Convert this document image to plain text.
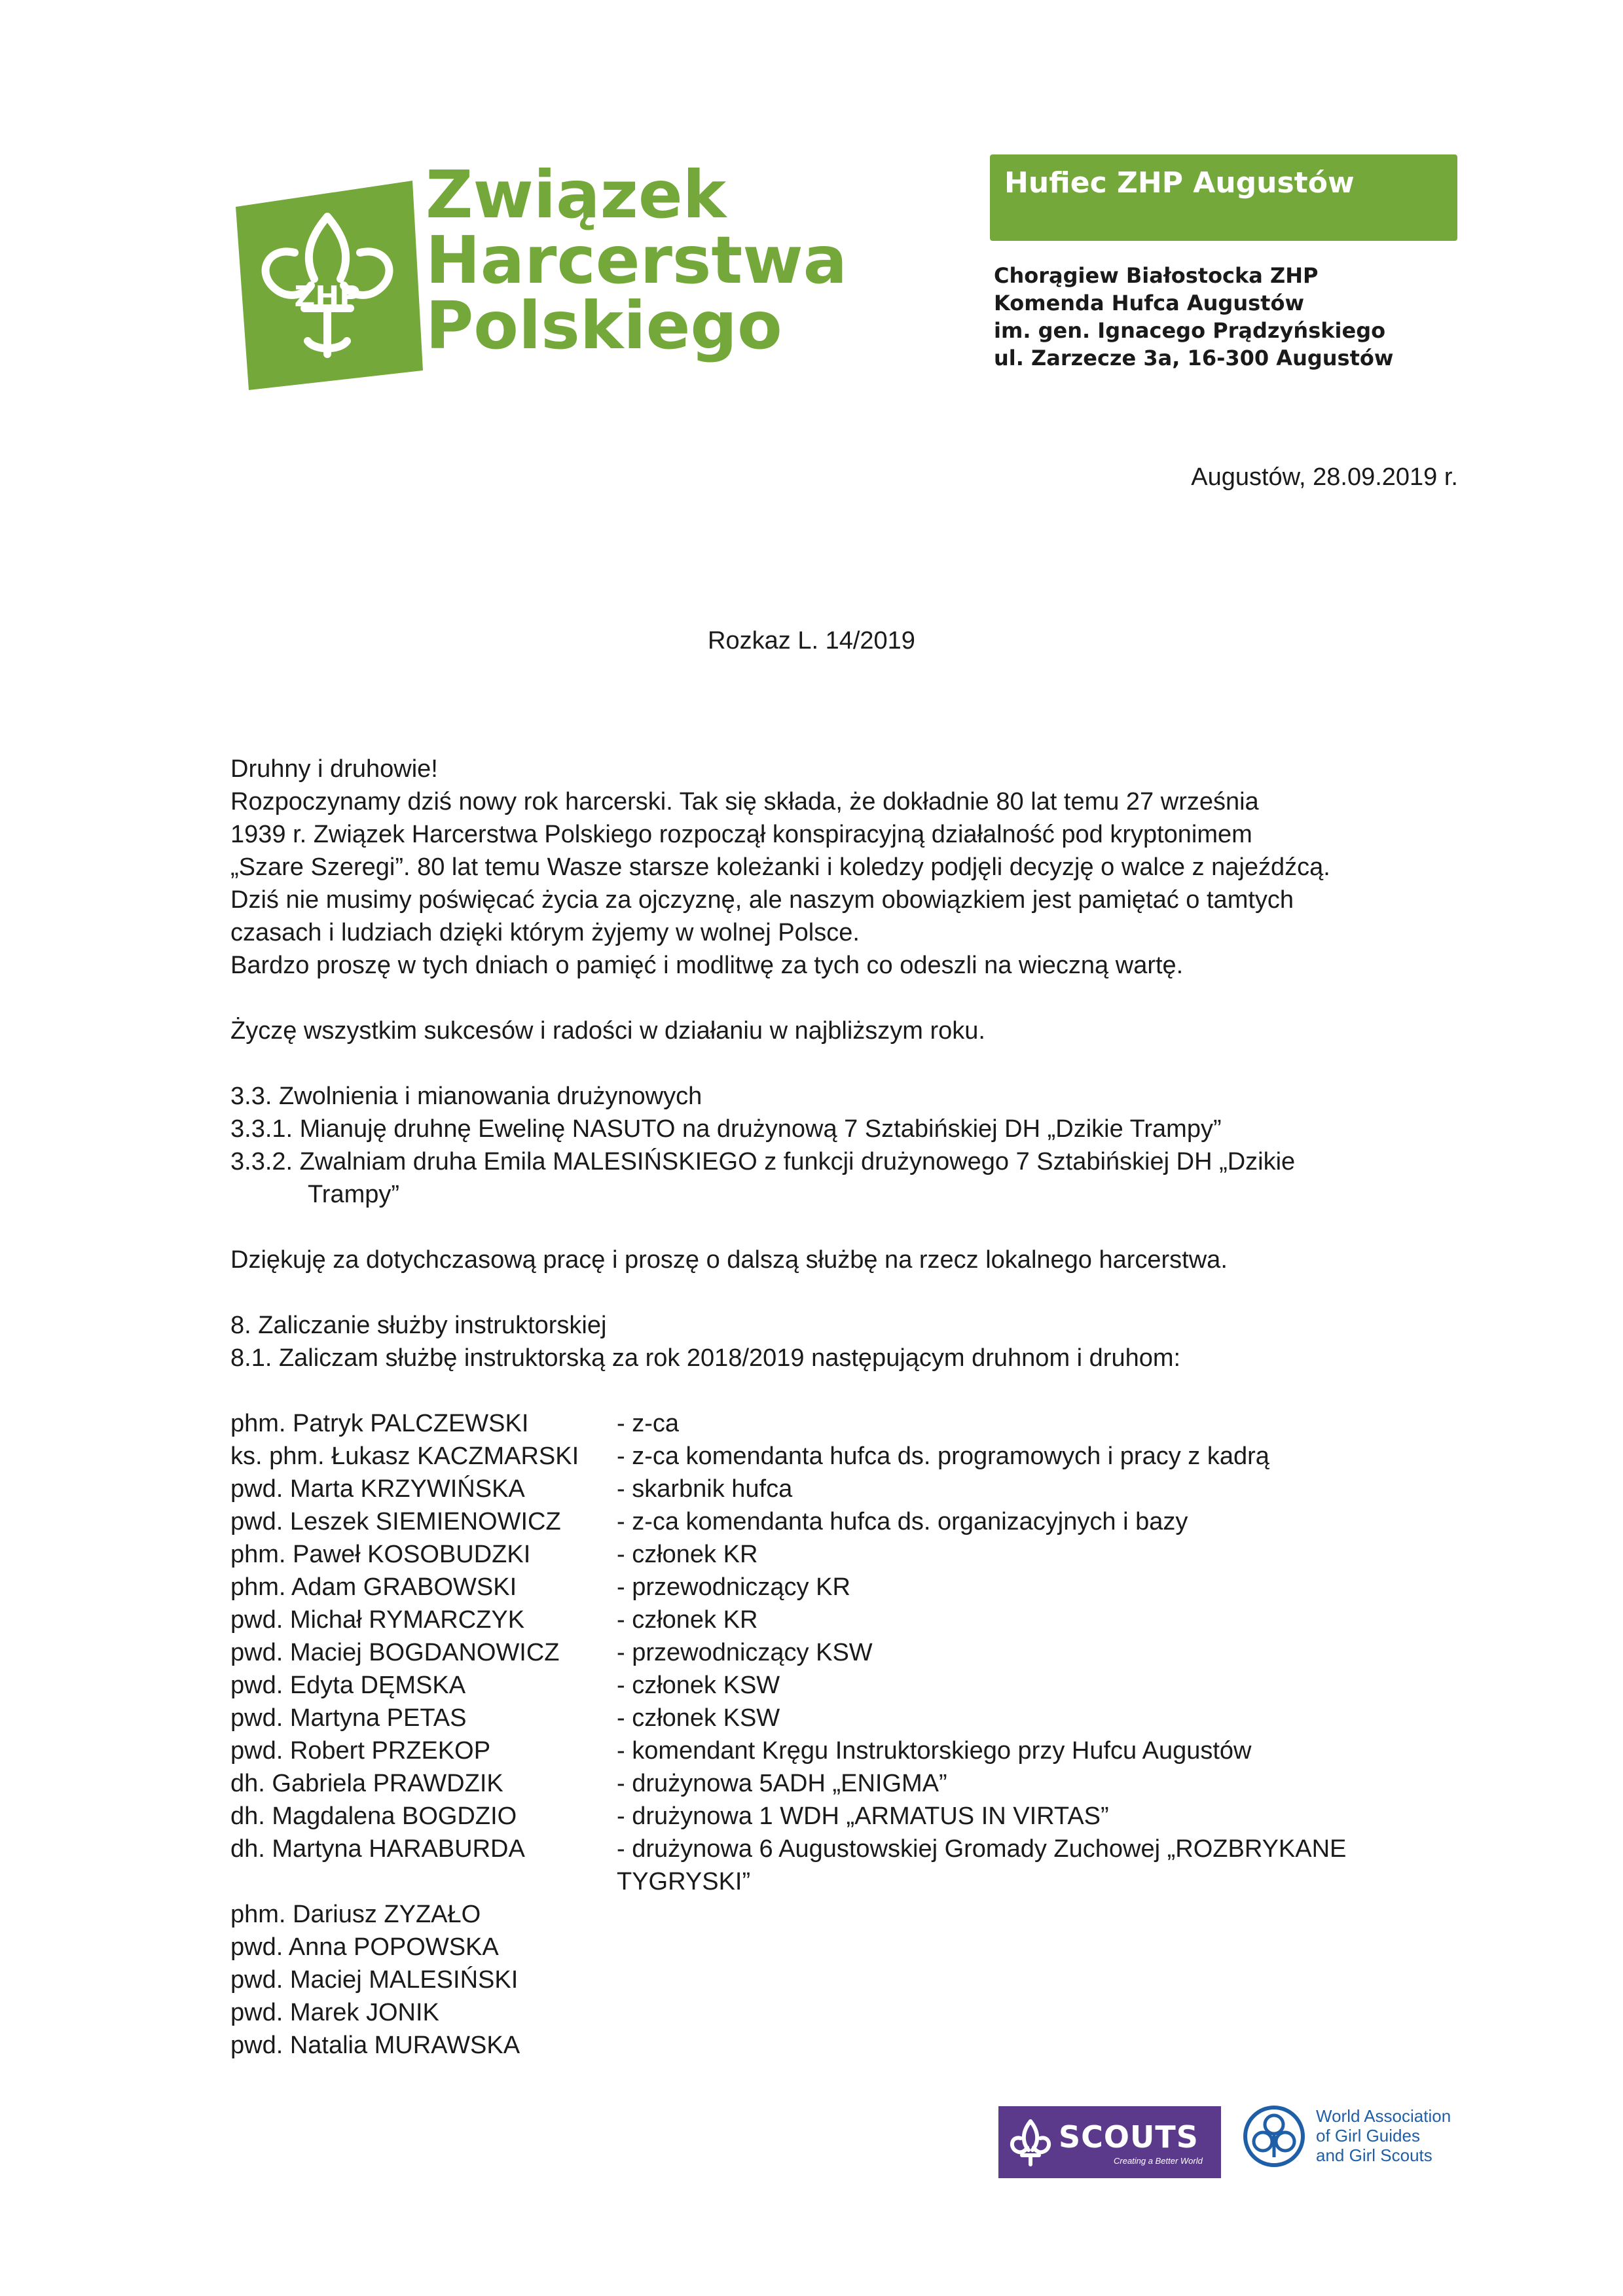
ZHP
Związek
Harcerstwa
Polskiego
Hufiec ZHP Augustów
Chorągiew Białostocka ZHP
Komenda Hufca Augustów
im. gen. Ignacego Prądzyńskiego
ul. Zarzecze 3a, 16-300 Augustów
Augustów, 28.09.2019 r.
Rozkaz L. 14/2019

Druhny i druhowie!

Rozpoczynamy dziś nowy rok harcerski. Tak się składa, że dokładnie 80 lat temu 27 września

1939 r. Związek Harcerstwa Polskiego rozpoczął konspiracyjną działalność pod kryptonimem

„Szare Szeregi”. 80 lat temu Wasze starsze koleżanki i koledzy podjęli decyzję o walce z najeźdźcą.

Dziś nie musimy poświęcać życia za ojczyznę, ale naszym obowiązkiem jest pamiętać o tamtych

czasach i ludziach dzięki którym żyjemy w wolnej Polsce.

Bardzo proszę w tych dniach o pamięć i modlitwę za tych co odeszli na wieczną wartę.

Życzę wszystkim sukcesów i radości w działaniu w najbliższym roku.

3.3. Zwolnienia i mianowania drużynowych

3.3.1. Mianuję druhnę Ewelinę NASUTO na drużynową 7 Sztabińskiej DH „Dzikie Trampy”

3.3.2. Zwalniam druha Emila MALESIŃSKIEGO z funkcji drużynowego 7 Sztabińskiej DH „Dzikie

Trampy”

Dziękuję za dotychczasową pracę i proszę o dalszą służbę na rzecz lokalnego harcerstwa.

8. Zaliczanie służby instruktorskiej

8.1. Zaliczam służbę instruktorską za rok 2018/2019 następującym druhnom i druhom:

phm. Patryk PALCZEWSKI	- z-ca
ks. phm. Łukasz KACZMARSKI	- z-ca komendanta hufca ds. programowych i pracy z kadrą
pwd. Marta KRZYWIŃSKA	- skarbnik hufca
pwd. Leszek SIEMIENOWICZ	- z-ca komendanta hufca ds. organizacyjnych i bazy
phm. Paweł KOSOBUDZKI	- członek KR
phm. Adam GRABOWSKI	- przewodniczący KR
pwd. Michał RYMARCZYK	- członek KR
pwd. Maciej BOGDANOWICZ	- przewodniczący KSW
pwd. Edyta DĘMSKA	- członek KSW
pwd. Martyna PETAS	- członek KSW
pwd. Robert PRZEKOP	- komendant Kręgu Instruktorskiego przy Hufcu Augustów
dh. Gabriela PRAWDZIK	- drużynowa 5ADH „ENIGMA”
dh. Magdalena BOGDZIO	- drużynowa 1 WDH „ARMATUS IN VIRTAS”
dh. Martyna HARABURDA	- drużynowa 6 Augustowskiej Gromady Zuchowej „ROZBRYKANE TYGRYSKI”
phm. Dariusz ZYZAŁO	
pwd. Anna POPOWSKA	
pwd. Maciej MALESIŃSKI	
pwd. Marek JONIK	
pwd. Natalia MURAWSKA	
SCOUTS
Creating a Better World
World Association
of Girl Guides
and Girl Scouts
